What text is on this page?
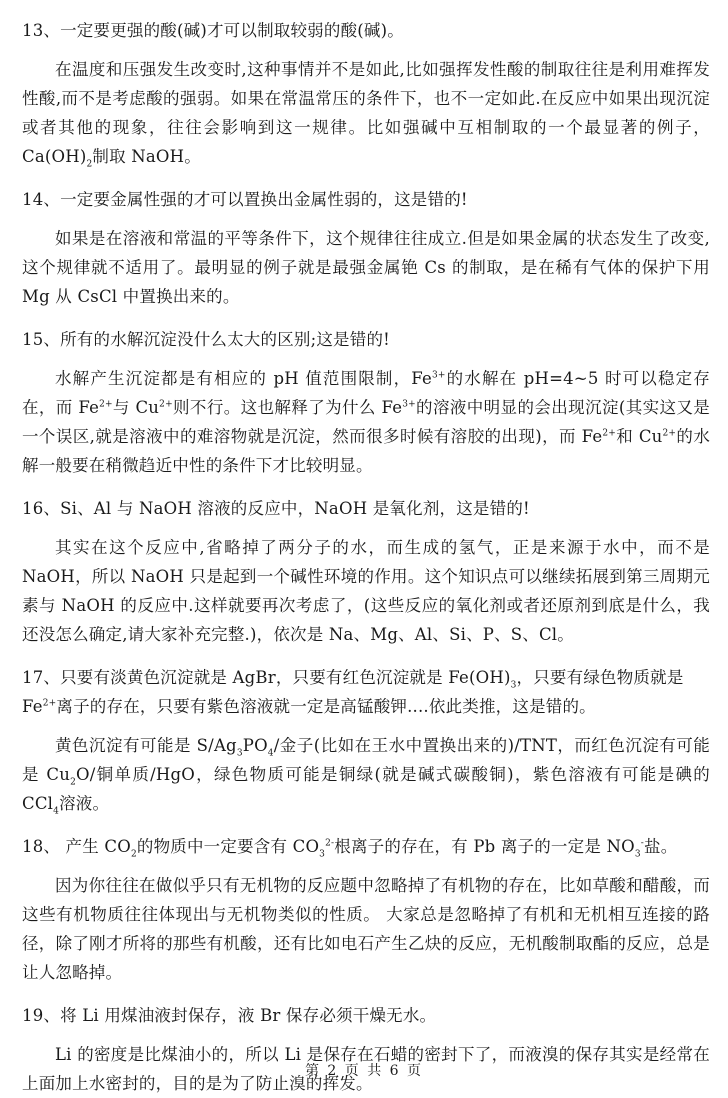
13、一定要更强的酸(碱)才可以制取较弱的酸(碱)。

在温度和压强发生改变时,这种事情并不是如此,比如强挥发性酸的制取往往是利用难挥发性酸,而不是考虑酸的强弱。如果在常温常压的条件下，也不一定如此.在反应中如果出现沉淀或者其他的现象，往往会影响到这一规律。比如强碱中互相制取的一个最显著的例子，$Ca(OH)_2$制取 NaOH。

14、一定要金属性强的才可以置换出金属性弱的，这是错的!

如果是在溶液和常温的平等条件下，这个规律往往成立.但是如果金属的状态发生了改变,这个规律就不适用了。最明显的例子就是最强金属铯 Cs 的制取，是在稀有气体的保护下用 Mg 从 CsCl 中置换出来的。

15、所有的水解沉淀没什么太大的区别;这是错的!

水解产生沉淀都是有相应的 pH 值范围限制，$Fe^{3+}$的水解在 pH=4~5 时可以稳定存在，而 $Fe^{2+}$与 $Cu^{2+}$则不行。这也解释了为什么 $Fe^{3+}$的溶液中明显的会出现沉淀(其实这又是一个误区,就是溶液中的难溶物就是沉淀，然而很多时候有溶胶的出现)，而 $Fe^{2+}$和 $Cu^{2+}$的水解一般要在稍微趋近中性的条件下才比较明显。

16、Si、Al 与 NaOH 溶液的反应中，NaOH 是氧化剂，这是错的!

其实在这个反应中,省略掉了两分子的水，而生成的氢气，正是来源于水中，而不是 NaOH，所以 NaOH 只是起到一个碱性环境的作用。这个知识点可以继续拓展到第三周期元素与 NaOH 的反应中.这样就要再次考虑了，(这些反应的氧化剂或者还原剂到底是什么，我还没怎么确定,请大家补充完整.)，依次是 Na、Mg、Al、Si、P、S、Cl。

17、只要有淡黄色沉淀就是 AgBr，只要有红色沉淀就是 $Fe(OH)_3$，只要有绿色物质就是 $Fe^{2+}$离子的存在，只要有紫色溶液就一定是高锰酸钾....依此类推，这是错的。

黄色沉淀有可能是 $S/Ag_3PO_4/$金子(比如在王水中置换出来的)/TNT，而红色沉淀有可能是 $Cu_2O/$铜单质/HgO，绿色物质可能是铜绿(就是碱式碳酸铜)，紫色溶液有可能是碘的 CCl$_4$溶液。

18、 产生 $CO_2$的物质中一定要含有 $CO_3^{2-}$根离子的存在，有 Pb 离子的一定是 $NO_3^-$盐。

因为你往往在做似乎只有无机物的反应题中忽略掉了有机物的存在，比如草酸和醋酸，而这些有机物质往往体现出与无机物类似的性质。 大家总是忽略掉了有机和无机相互连接的路径，除了刚才所将的那些有机酸，还有比如电石产生乙炔的反应，无机酸制取酯的反应，总是让人忽略掉。

19、将 Li 用煤油液封保存，液 Br 保存必须干燥无水。

Li 的密度是比煤油小的，所以 Li 是保存在石蜡的密封下了，而液溴的保存其实是经常在上面加上水密封的，目的是为了防止溴的挥发。

第 2 页 共 6 页
